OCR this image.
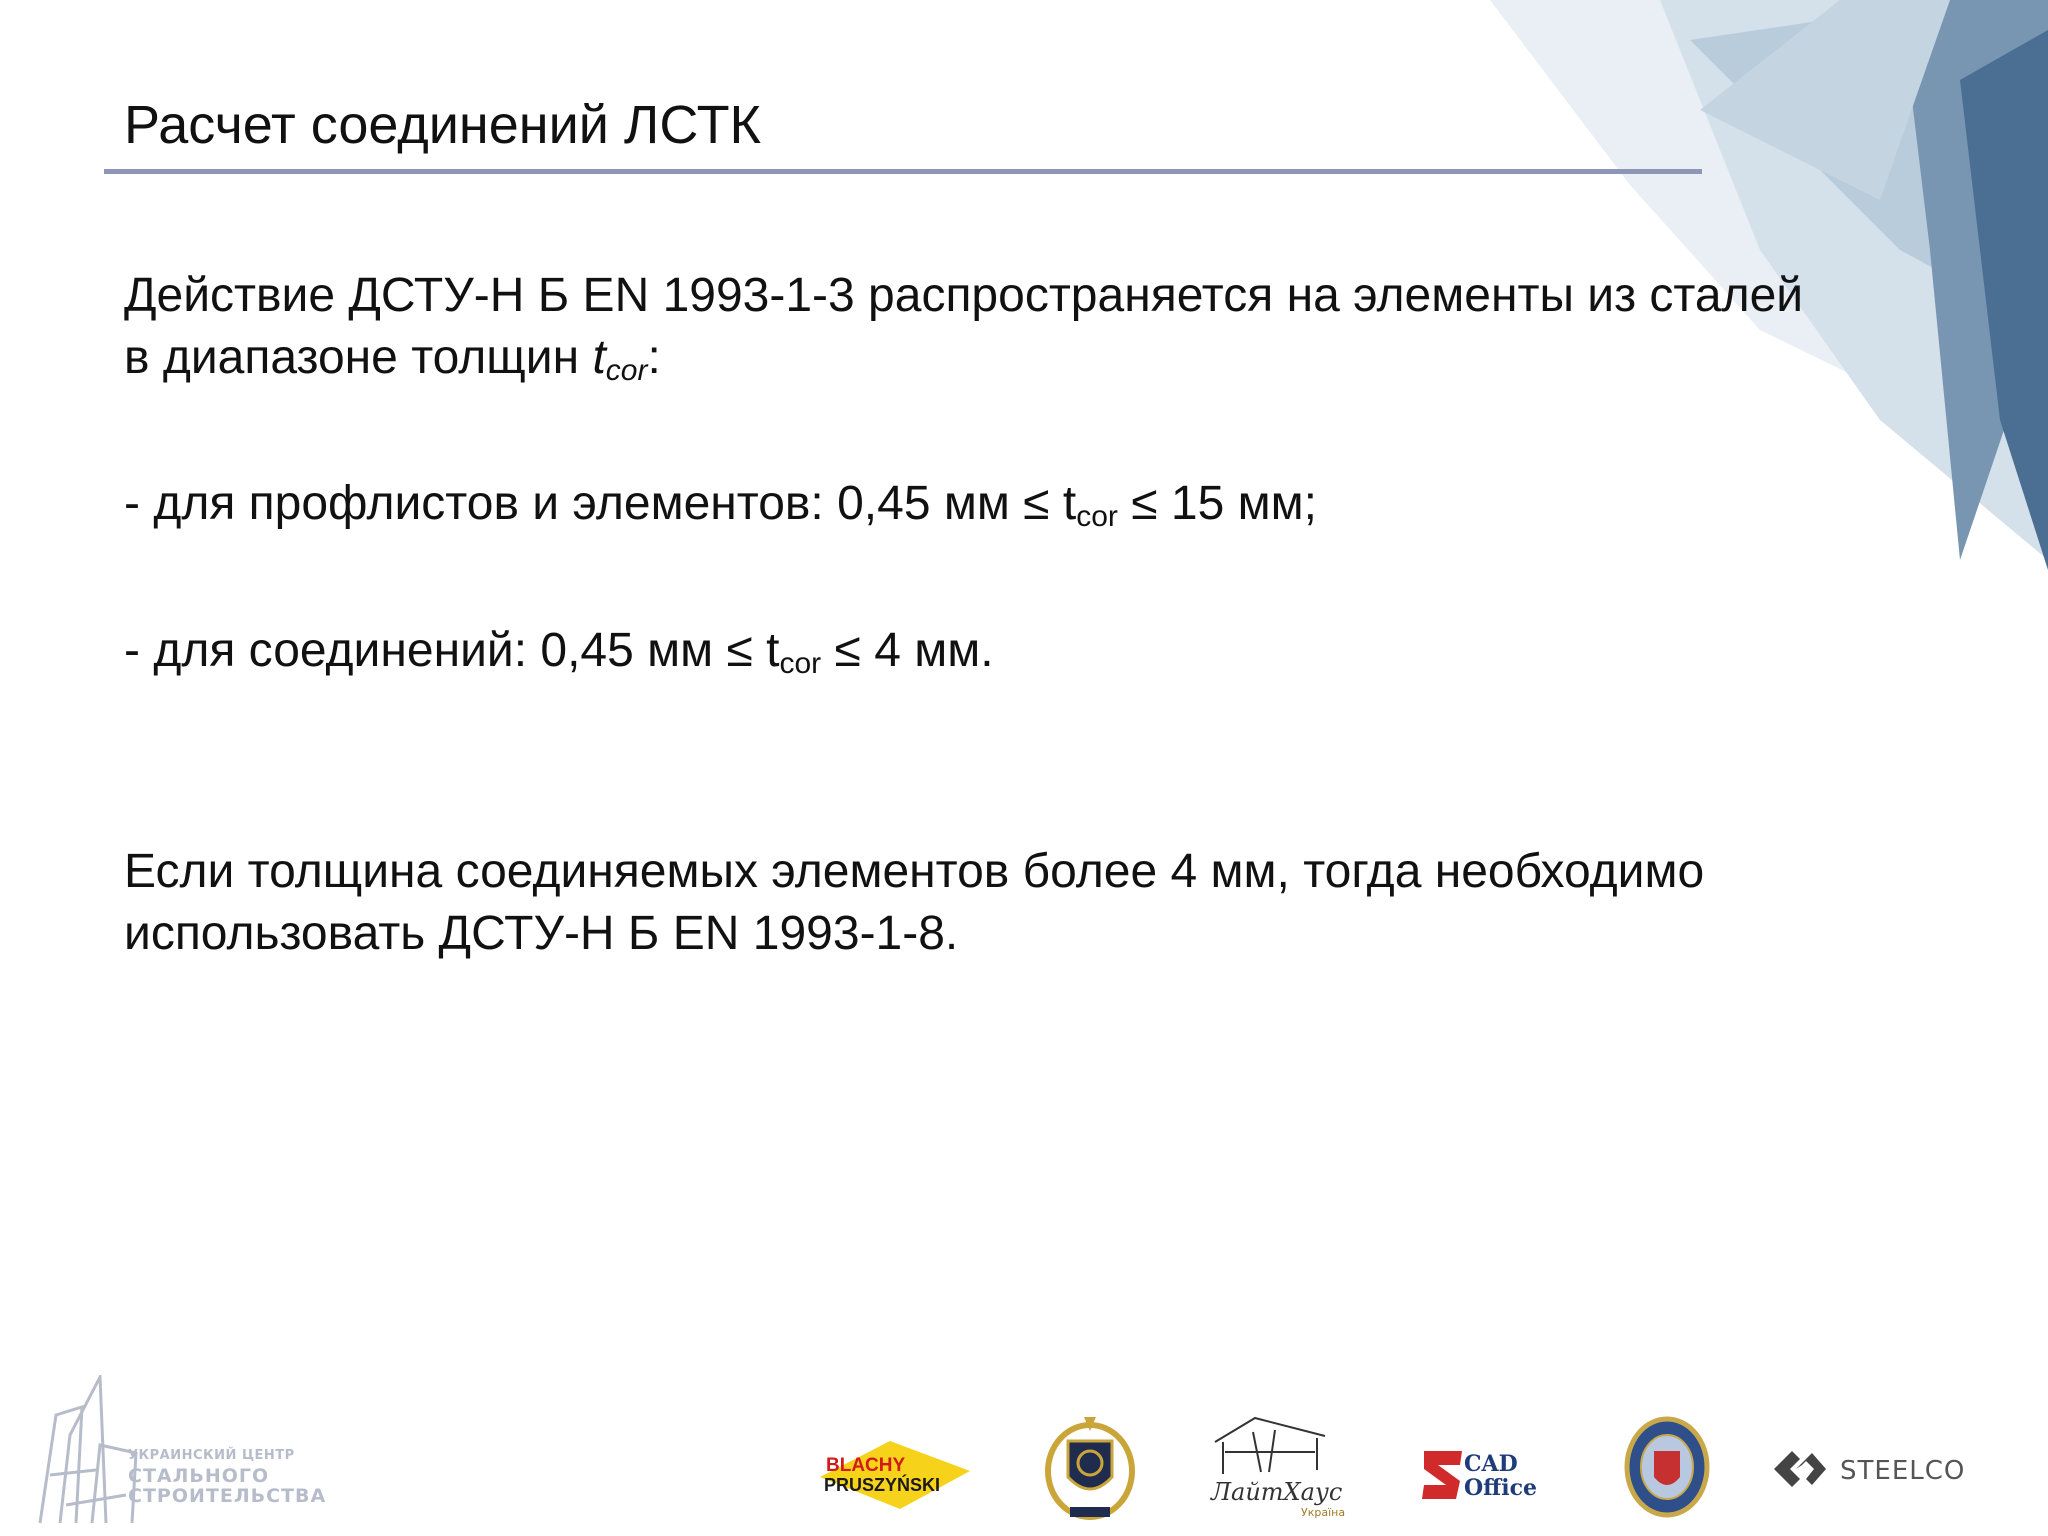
Расчет соединений ЛСТК

Действие ДСТУ-Н Б EN 1993-1-3 распространяется на элементы из сталей
в диапазоне толщин tcor:

- для профлистов и элементов: 0,45 мм ≤ tcor ≤ 15 мм;

- для соединений: 0,45 мм ≤ tcor ≤ 4 мм.

Если толщина соединяемых элементов более 4 мм, тогда необходимо
использовать ДСТУ-Н Б EN 1993-1-8.

УКРАИНСКИЙ ЦЕНТР
СТАЛЬНОГО
СТРОИТЕЛЬСТВА
BLACHY
PRUSZYŃSKI	ЛайтХаус
Україна
CAD
Office
STEELCO
